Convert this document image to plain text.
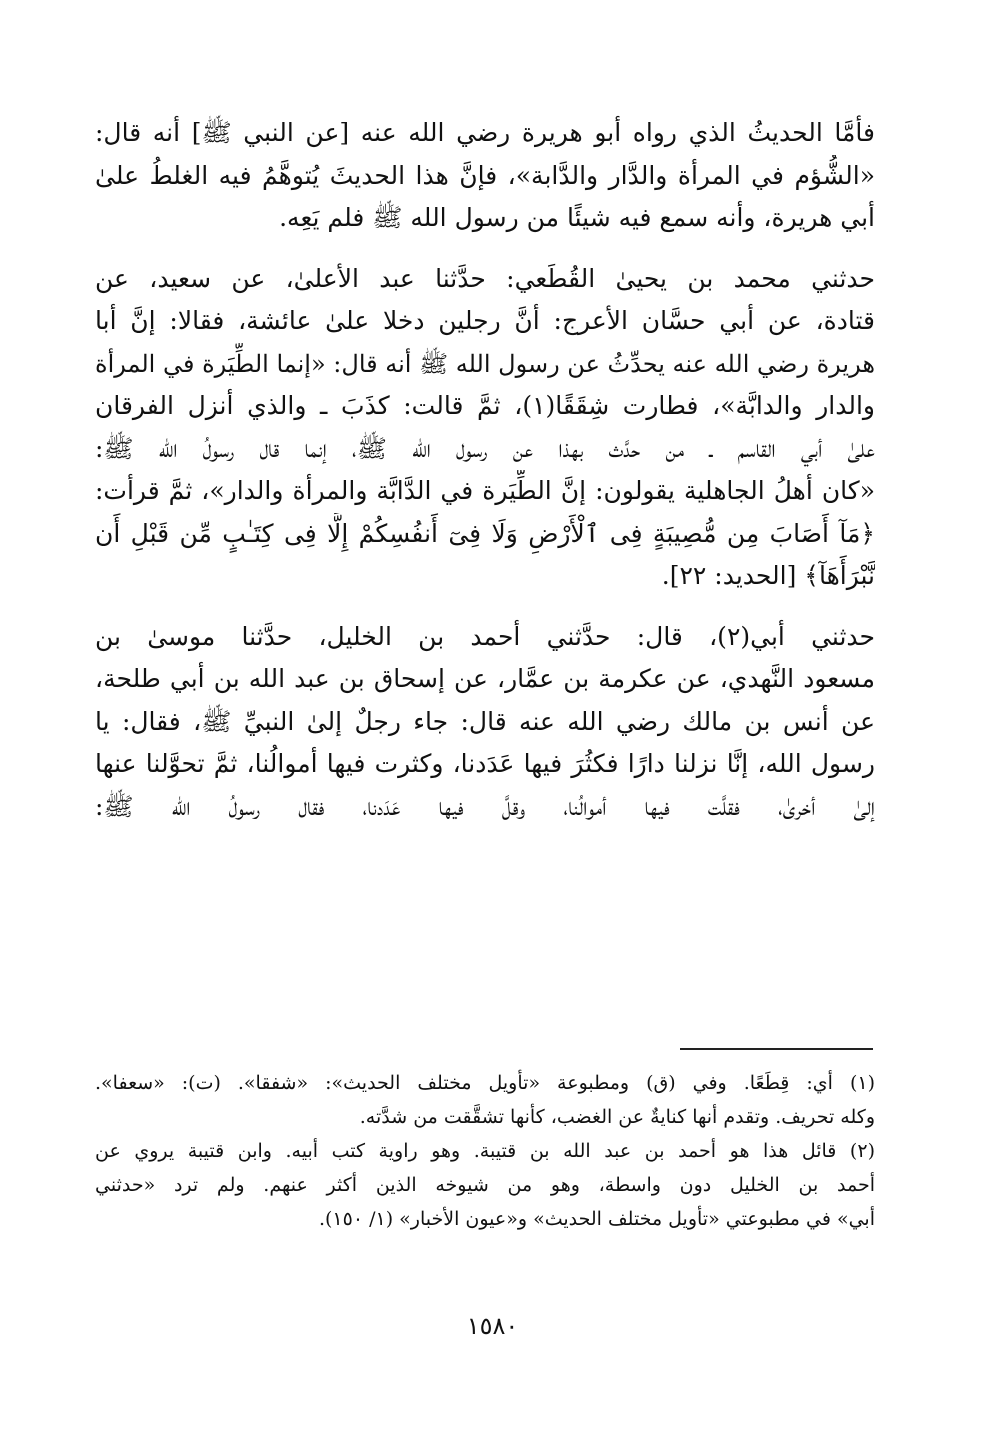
فأمَّا الحديثُ الذي رواه أبو هريرة رضي الله عنه [عن النبي ﷺ] أنه قال:
«الشُّؤم في المرأة والدَّار والدَّابة»، فإنَّ هذا الحديثَ يُتوهَّمُ فيه الغلطُ علىٰ
أبي هريرة، وأنه سمع فيه شيئًا من رسول الله ﷺ فلم يَعِه.
حدثني محمد بن يحيىٰ القُطَعي: حدَّثنا عبد الأعلىٰ، عن سعيد، عن
قتادة، عن أبي حسَّان الأعرج: أنَّ رجلين دخلا علىٰ عائشة، فقالا: إنَّ أبا
هريرة رضي الله عنه يحدِّثُ عن رسول الله ﷺ أنه قال: «إنما الطِّيَرة في المرأة
والدار والدابَّة»، فطارت شِقَقًا(١)، ثمَّ قالت: كذَبَ ـ والذي أنزل الفرقان
علىٰ أبي القاسم ـ من حدَّث بهذا عن رسول الله ﷺ، إنما قال رسولُ الله ﷺ:
«كان أهلُ الجاهلية يقولون: إنَّ الطِّيَرة في الدَّابَّة والمرأة والدار»، ثمَّ قرأت:
﴿مَآ أَصَابَ مِن مُّصِيبَةٍ فِى ٱلْأَرْضِ وَلَا فِىٓ أَنفُسِكُمْ إِلَّا فِى كِتَـٰبٍ مِّن قَبْلِ أَن
نَّبْرَأَهَآ﴾ [الحديد: ٢٢].
حدثني أبي(٢)، قال: حدَّثني أحمد بن الخليل، حدَّثنا موسىٰ بن
مسعود النَّهدي، عن عكرمة بن عمَّار، عن إسحاق بن عبد الله بن أبي طلحة،
عن أنس بن مالك رضي الله عنه قال: جاء رجلٌ إلىٰ النبيِّ ﷺ، فقال: يا
رسول الله، إنَّا نزلنا دارًا فكثُرَ فيها عَدَدنا، وكثرت فيها أموالُنا، ثمَّ تحوَّلنا عنها
إلىٰ أخرىٰ، فقلَّت فيها أموالُنا، وقلَّ فيها عَدَدنا، فقال رسولُ الله ﷺ:
(١) أي: قِطَعًا. وفي (ق) ومطبوعة «تأويل مختلف الحديث»: «شفقا». (ت): «سعفا».
وكله تحريف. وتقدم أنها كنايةٌ عن الغضب، كأنها تشقَّقت من شدَّته.
(٢) قائل هذا هو أحمد بن عبد الله بن قتيبة. وهو راوية كتب أبيه. وابن قتيبة يروي عن
أحمد بن الخليل دون واسطة، وهو من شيوخه الذين أكثر عنهم. ولم ترد «حدثني
أبي» في مطبوعتي «تأويل مختلف الحديث» و«عيون الأخبار» (١/ ١٥٠).
١٥٨٠
